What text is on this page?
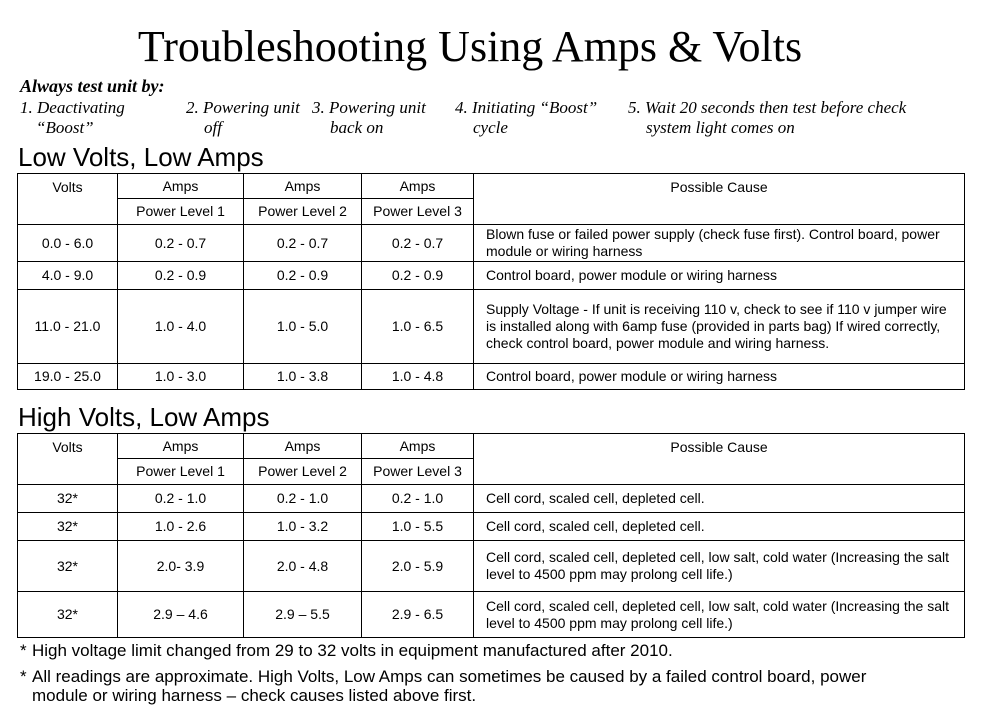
Troubleshooting Using Amps & Volts
Always test unit by:
1. Deactivating
“Boost”
2. Powering unit
off
3. Powering unit
back on
4. Initiating “Boost”
cycle
5. Wait 20 seconds then test before check
system light comes on
Low Volts, Low Amps
Volts	Amps	Amps	Amps	Possible Cause
	Power Level 1	Power Level 2	Power Level 3	
0.0 - 6.0	0.2 - 0.7	0.2 - 0.7	0.2 - 0.7	Blown fuse or failed power supply (check fuse first). Control board, power module or wiring harness
4.0 - 9.0	0.2 - 0.9	0.2 - 0.9	0.2 - 0.9	Control board, power module or wiring harness
11.0 - 21.0	1.0 - 4.0	1.0 - 5.0	1.0 - 6.5	Supply Voltage - If unit is receiving 110 v, check to see if 110 v jumper wire is installed along with 6amp fuse (provided in parts bag) If wired correctly, check control board, power module and wiring harness.
19.0 - 25.0	1.0 - 3.0	1.0 - 3.8	1.0 - 4.8	Control board, power module or wiring harness
High Volts, Low Amps
Volts	Amps	Amps	Amps	Possible Cause
	Power Level 1	Power Level 2	Power Level 3	
32*	0.2 - 1.0	0.2 - 1.0	0.2 - 1.0	Cell cord, scaled cell, depleted cell.
32*	1.0 - 2.6	1.0 - 3.2	1.0 - 5.5	Cell cord, scaled cell, depleted cell.
32*	2.0- 3.9	2.0 - 4.8	2.0 - 5.9	Cell cord, scaled cell, depleted cell, low salt, cold water (Increasing the salt level to 4500 ppm may prolong cell life.)
32*	2.9 – 4.6	2.9 – 5.5	2.9 - 6.5	Cell cord, scaled cell, depleted cell, low salt, cold water (Increasing the salt level to 4500 ppm may prolong cell life.)
* High voltage limit changed from 29 to 32 volts in equipment manufactured after 2010.
* All readings are approximate. High Volts, Low Amps can sometimes be caused by a failed control board, power module or wiring harness – check causes listed above first.
